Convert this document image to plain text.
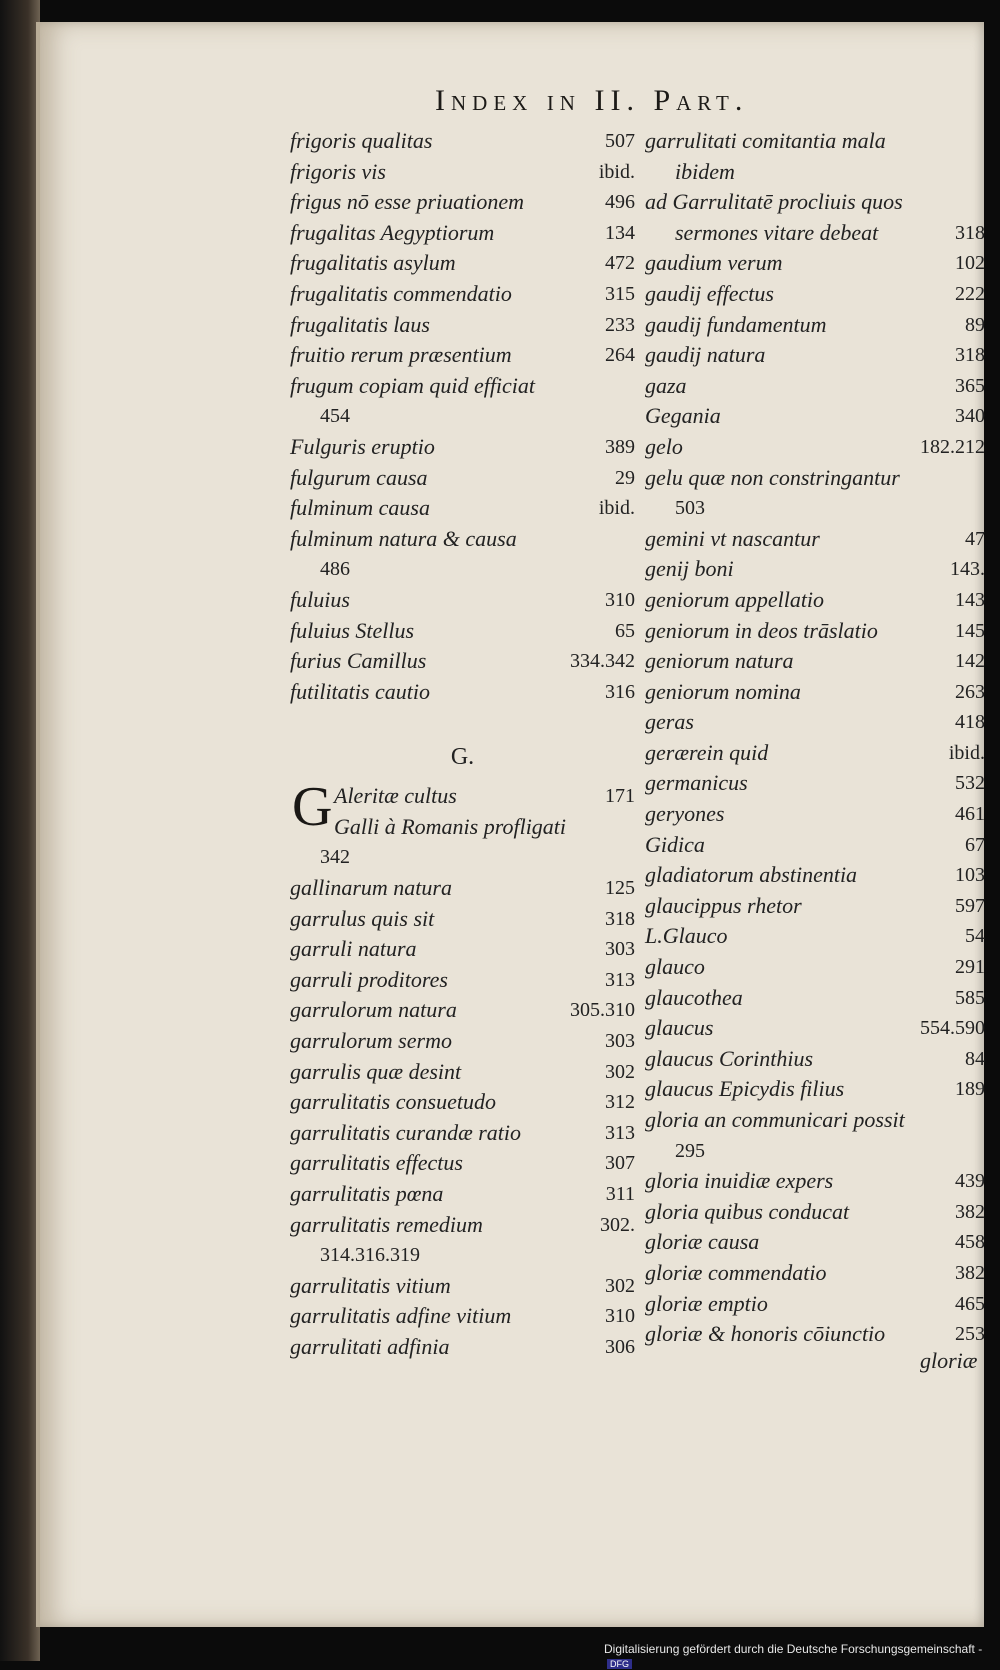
Index in II. Part.
frigoris qualitas	507
frigoris vis	ibid.
frigus nō esse priuationem	496
frugalitas Aegyptiorum	134
frugalitatis asylum	472
frugalitatis commendatio	315
frugalitatis laus	233
fruitio rerum præsentium	264
frugum copiam quid efficiat
454
Fulguris eruptio	389
fulgurum causa	29
fulminum causa	ibid.
fulminum natura & causa
486
fuluius	310
fuluius Stellus	65
furius Camillus	334.342
futilitatis cautio	316
G.
G Aleritæ cultus	171
Galli à Romanis profligati
342
gallinarum natura	125
garrulus quis sit	318
garruli natura	303
garruli proditores	313
garrulorum natura	305.310
garrulorum sermo	303
garrulis quæ desint	302
garrulitatis consuetudo	312
garrulitatis curandæ ratio	313
garrulitatis effectus	307
garrulitatis pœna	311
garrulitatis remedium	302.
314.316.319
garrulitatis vitium	302
garrulitatis adfine vitium	310
garrulitati adfinia	306
garrulitati comitantia mala
ibidem
ad Garrulitatē procliuis quos
sermones vitare debeat	318
gaudium verum	102
gaudij effectus	222
gaudij fundamentum	89
gaudij natura	318
gaza	365
Gegania	340
gelo	182.212
gelu quæ non constringantur
503
gemini vt nascantur	47
genij boni	143.
geniorum appellatio	143
geniorum in deos trāslatio	145
geniorum natura	142
geniorum nomina	263
geras	418
gerærein quid	ibid.
germanicus	532
geryones	461
Gidica	67
gladiatorum abstinentia	103
glaucippus rhetor	597
L.Glauco	54
glauco	291
glaucothea	585
glaucus	554.590
glaucus Corinthius	84
glaucus Epicydis filius	189
gloria an communicari possit
295
gloria inuidiæ expers	439
gloria quibus conducat	382
gloriæ causa	458
gloriæ commendatio	382
gloriæ emptio	465
gloriæ & honoris cōiunctio	253
gloriæ
Digitalisierung gefördert durch die Deutsche Forschungsgemeinschaft - DFG
